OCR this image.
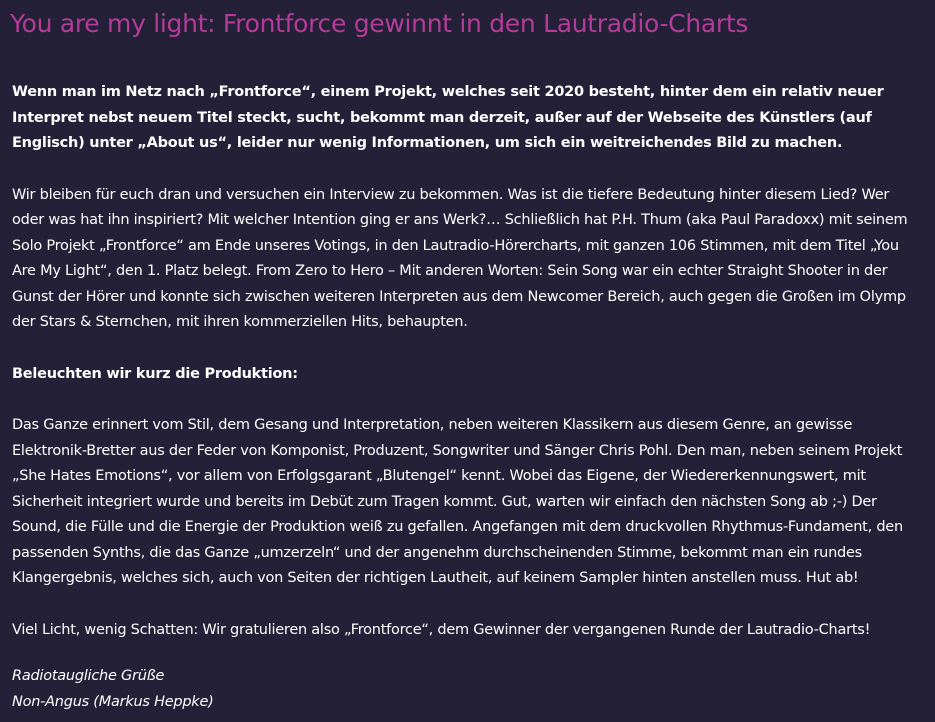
You are my light: Frontforce gewinnt in den Lautradio-Charts

Wenn man im Netz nach „Frontforce“, einem Projekt, welches seit 2020 besteht, hinter dem ein relativ neuer Interpret nebst neuem Titel steckt, sucht, bekommt man derzeit, außer auf der Webseite des Künstlers (auf Englisch) unter „About us“, leider nur wenig Informationen, um sich ein weitreichendes Bild zu machen.

Wir bleiben für euch dran und versuchen ein Interview zu bekommen. Was ist die tiefere Bedeutung hinter diesem Lied? Wer oder was hat ihn inspiriert? Mit welcher Intention ging er ans Werk?… Schließlich hat P.H. Thum (aka Paul Paradoxx) mit seinem Solo Projekt „Frontforce“ am Ende unseres Votings, in den Lautradio-Hörercharts, mit ganzen 106 Stimmen, mit dem Titel „You Are My Light“, den 1. Platz belegt. From Zero to Hero – Mit anderen Worten: Sein Song war ein echter Straight Shooter in der Gunst der Hörer und konnte sich zwischen weiteren Interpreten aus dem Newcomer Bereich, auch gegen die Großen im Olymp der Stars & Sternchen, mit ihren kommerziellen Hits, behaupten.

Beleuchten wir kurz die Produktion:

Das Ganze erinnert vom Stil, dem Gesang und Interpretation, neben weiteren Klassikern aus diesem Genre, an gewisse Elektronik-Bretter aus der Feder von Komponist, Produzent, Songwriter und Sänger Chris Pohl. Den man, neben seinem Projekt „She Hates Emotions“, vor allem von Erfolgsgarant „Blutengel“ kennt. Wobei das Eigene, der Wiedererkennungswert, mit Sicherheit integriert wurde und bereits im Debüt zum Tragen kommt. Gut, warten wir einfach den nächsten Song ab ;-) Der Sound, die Fülle und die Energie der Produktion weiß zu gefallen. Angefangen mit dem druckvollen Rhythmus-Fundament, den passenden Synths, die das Ganze „umzerzeln“ und der angenehm durchscheinenden Stimme, bekommt man ein rundes Klangergebnis, welches sich, auch von Seiten der richtigen Lautheit, auf keinem Sampler hinten anstellen muss. Hut ab!

Viel Licht, wenig Schatten: Wir gratulieren also „Frontforce“, dem Gewinner der vergangenen Runde der Lautradio-Charts!

Radiotaugliche Grüße
Non-Angus (Markus Heppke)
